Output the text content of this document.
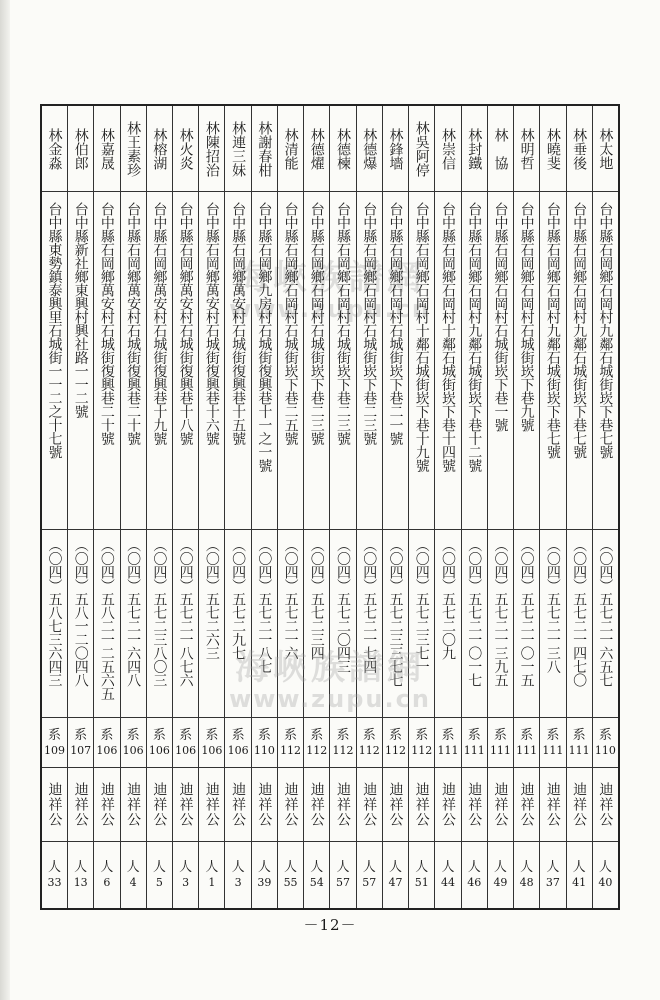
海峽族譜網
www.zupu.cn
林太地
台中縣石岡鄉石岡村九鄰石城街崁下巷七號
（〇四）五七二一六五七
系
110
迪祥公
人
40
林垂後
台中縣石岡鄉石岡村九鄰石城街崁下巷七號
（〇四）五七二一四七〇
系
111
迪祥公
人
41
林曉斐
台中縣石岡鄉石岡村九鄰石城街崁下巷七號
（〇四）五七二一三八
系
111
迪祥公
人
37
林明哲
台中縣石岡鄉石岡村石城街崁下巷九號
（〇四）五七二一〇一五
系
111
迪祥公
人
48
林　協
台中縣石岡鄉石岡村石城街崁下巷一號
（〇四）五七二一三九五
系
111
迪祥公
人
49
林封鐵
台中縣石岡鄉石岡村九鄰石城街崁下巷十二號
（〇四）五七二一〇一七
系
111
迪祥公
人
46
林崇信
台中縣石岡鄉石岡村十鄰石城街崁下巷十四號
（〇四）五七二〇九
系
111
迪祥公
人
44
林吳阿停
台中縣石岡鄉石岡村十鄰石城街崁下巷十九號
（〇四）五七二三七一
系
112
迪祥公
人
51
林鋒墻
台中縣石岡鄉石岡村石城街崁下巷二一號
（〇四）五七二三三七七
系
112
迪祥公
人
47
林德爆
台中縣石岡鄉石岡村石城街崁下巷二三號
（〇四）五七二一七四
系
112
迪祥公
人
57
林德楝
台中縣石岡鄉石岡村石城街崁下巷二三號
（〇四）五七二〇四三
系
112
迪祥公
人
57
林德燿
台中縣石岡鄉石岡村石城街崁下巷二三號
（〇四）五七二三四
系
112
迪祥公
人
54
林清能
台中縣石岡鄉石岡村石城街崁下巷二五號
（〇四）五七二一六
系
112
迪祥公
人
55
林謝春柑
台中縣石岡鄉九房村石城街復興巷十一之一號
（〇四）五七二一八七
系
110
迪祥公
人
39
林連三妹
台中縣石岡鄉萬安村石城街復興巷十五號
（〇四）五七二九七
系
106
迪祥公
人
3
林陳招治
台中縣石岡鄉萬安村石城街復興巷十六號
（〇四）五七二六三
系
106
迪祥公
人
1
林火炎
台中縣石岡鄉萬安村石城街復興巷十八號
（〇四）五七二一八七六
系
106
迪祥公
人
3
林榕湖
台中縣石岡鄉萬安村石城街復興巷十九號
（〇四）五七二三八〇三
系
106
迪祥公
人
5
林王素珍
台中縣石岡鄉萬安村石城街復興巷二十號
（〇四）五七二一六四八
系
106
迪祥公
人
4
林嘉晟
台中縣石岡鄉萬安村石城街復興巷二十號
（〇四）五八二一二五六五
系
106
迪祥公
人
6
林伯郎
台中縣新社鄉東興村興社路一一二號
（〇四）五八一二〇四八
系
107
迪祥公
人
13
林金淼
台中縣東勢鎮泰興里石城街一一二之十七號
（〇四）五八七三六四三
系
109
迪祥公
人
33
海峽族譜網
www.zupu.cn
－12－
